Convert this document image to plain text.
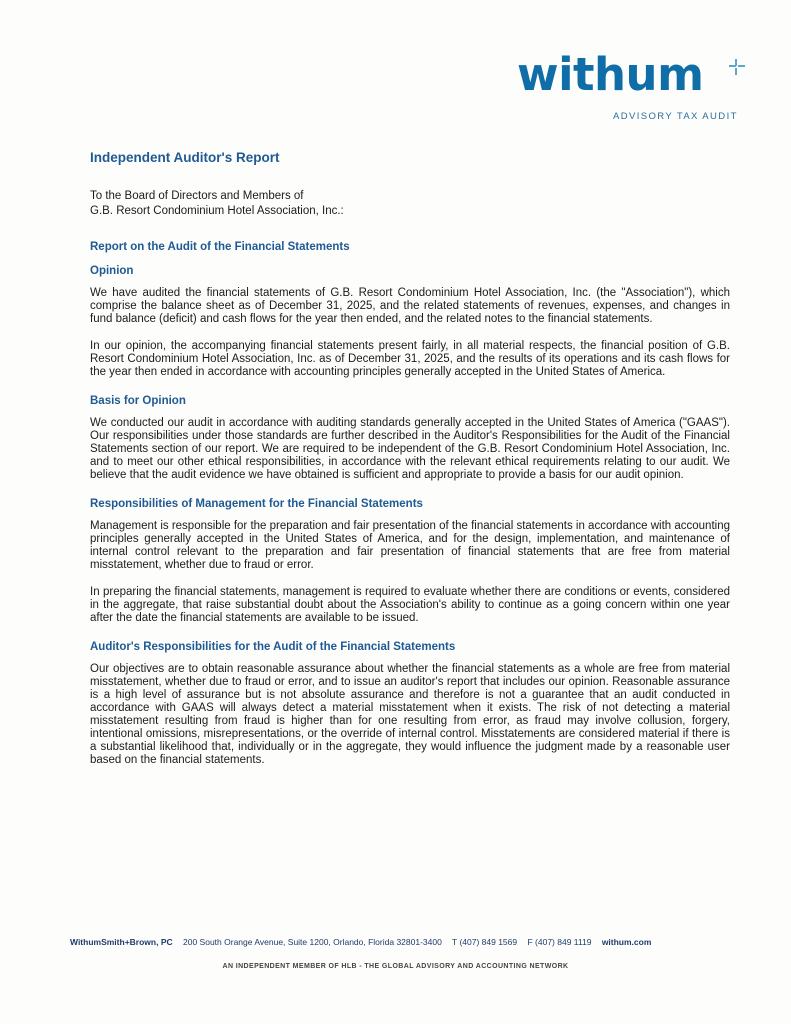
withum
ADVISORY TAX AUDIT
Independent Auditor's Report
To the Board of Directors and Members of
G.B. Resort Condominium Hotel Association, Inc.:
Report on the Audit of the Financial Statements
Opinion

We have audited the financial statements of G.B. Resort Condominium Hotel Association, Inc. (the "Association"), which comprise the balance sheet as of December 31, 2025, and the related statements of revenues, expenses, and changes in fund balance (deficit) and cash flows for the year then ended, and the related notes to the financial statements.

In our opinion, the accompanying financial statements present fairly, in all material respects, the financial position of G.B. Resort Condominium Hotel Association, Inc. as of December 31, 2025, and the results of its operations and its cash flows for the year then ended in accordance with accounting principles generally accepted in the United States of America.

Basis for Opinion

We conducted our audit in accordance with auditing standards generally accepted in the United States of America ("GAAS"). Our responsibilities under those standards are further described in the Auditor's Responsibilities for the Audit of the Financial Statements section of our report. We are required to be independent of the G.B. Resort Condominium Hotel Association, Inc. and to meet our other ethical responsibilities, in accordance with the relevant ethical requirements relating to our audit. We believe that the audit evidence we have obtained is sufficient and appropriate to provide a basis for our audit opinion.

Responsibilities of Management for the Financial Statements

Management is responsible for the preparation and fair presentation of the financial statements in accordance with accounting principles generally accepted in the United States of America, and for the design, implementation, and maintenance of internal control relevant to the preparation and fair presentation of financial statements that are free from material misstatement, whether due to fraud or error.

In preparing the financial statements, management is required to evaluate whether there are conditions or events, considered in the aggregate, that raise substantial doubt about the Association's ability to continue as a going concern within one year after the date the financial statements are available to be issued.

Auditor's Responsibilities for the Audit of the Financial Statements

Our objectives are to obtain reasonable assurance about whether the financial statements as a whole are free from material misstatement, whether due to fraud or error, and to issue an auditor's report that includes our opinion. Reasonable assurance is a high level of assurance but is not absolute assurance and therefore is not a guarantee that an audit conducted in accordance with GAAS will always detect a material misstatement when it exists. The risk of not detecting a material misstatement resulting from fraud is higher than for one resulting from error, as fraud may involve collusion, forgery, intentional omissions, misrepresentations, or the override of internal control. Misstatements are considered material if there is a substantial likelihood that, individually or in the aggregate, they would influence the judgment made by a reasonable user based on the financial statements.

WithumSmith+Brown, PC 200 South Orange Avenue, Suite 1200, Orlando, Florida 32801-3400 T (407) 849 1569 F (407) 849 1119 withum.com
AN INDEPENDENT MEMBER OF HLB - THE GLOBAL ADVISORY AND ACCOUNTING NETWORK
